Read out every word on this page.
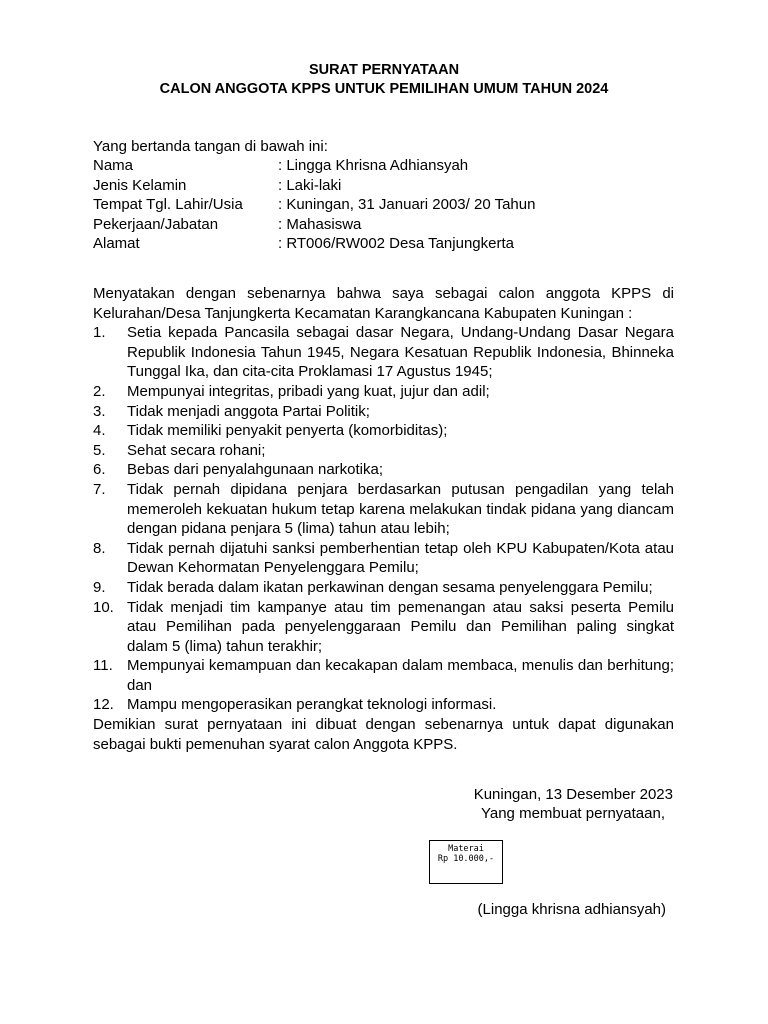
SURAT PERNYATAAN
CALON ANGGOTA KPPS UNTUK PEMILIHAN UMUM TAHUN 2024
Yang bertanda tangan di bawah ini:
Nama	: Lingga Khrisna Adhiansyah
Jenis Kelamin	: Laki-laki
Tempat Tgl. Lahir/Usia	: Kuningan, 31 Januari 2003/ 20 Tahun
Pekerjaan/Jabatan	: Mahasiswa
Alamat	: RT006/RW002 Desa Tanjungkerta

Menyatakan dengan sebenarnya bahwa saya sebagai calon anggota KPPS di Kelurahan/Desa Tanjungkerta Kecamatan Karangkancana Kabupaten Kuningan :

1. Setia kepada Pancasila sebagai dasar Negara, Undang-Undang Dasar Negara Republik Indonesia Tahun 1945, Negara Kesatuan Republik Indonesia, Bhinneka Tunggal Ika, dan cita-cita Proklamasi 17 Agustus 1945;
2. Mempunyai integritas, pribadi yang kuat, jujur dan adil;
3. Tidak menjadi anggota Partai Politik;
4. Tidak memiliki penyakit penyerta (komorbiditas);
5. Sehat secara rohani;
6. Bebas dari penyalahgunaan narkotika;
7. Tidak pernah dipidana penjara berdasarkan putusan pengadilan yang telah memeroleh kekuatan hukum tetap karena melakukan tindak pidana yang diancam dengan pidana penjara 5 (lima) tahun atau lebih;
8. Tidak pernah dijatuhi sanksi pemberhentian tetap oleh KPU Kabupaten/Kota atau Dewan Kehormatan Penyelenggara Pemilu;
9. Tidak berada dalam ikatan perkawinan dengan sesama penyelenggara Pemilu;
10. Tidak menjadi tim kampanye atau tim pemenangan atau saksi peserta Pemilu atau Pemilihan pada penyelenggaraan Pemilu dan Pemilihan paling singkat dalam 5 (lima) tahun terakhir;
11. Mempunyai kemampuan dan kecakapan dalam membaca, menulis dan berhitung; dan
12. Mampu mengoperasikan perangkat teknologi informasi.

Demikian surat pernyataan ini dibuat dengan sebenarnya untuk dapat digunakan sebagai bukti pemenuhan syarat calon Anggota KPPS.

Kuningan, 13 Desember 2023
Yang membuat pernyataan,
Materai
Rp 10.000,-
(Lingga khrisna adhiansyah)
